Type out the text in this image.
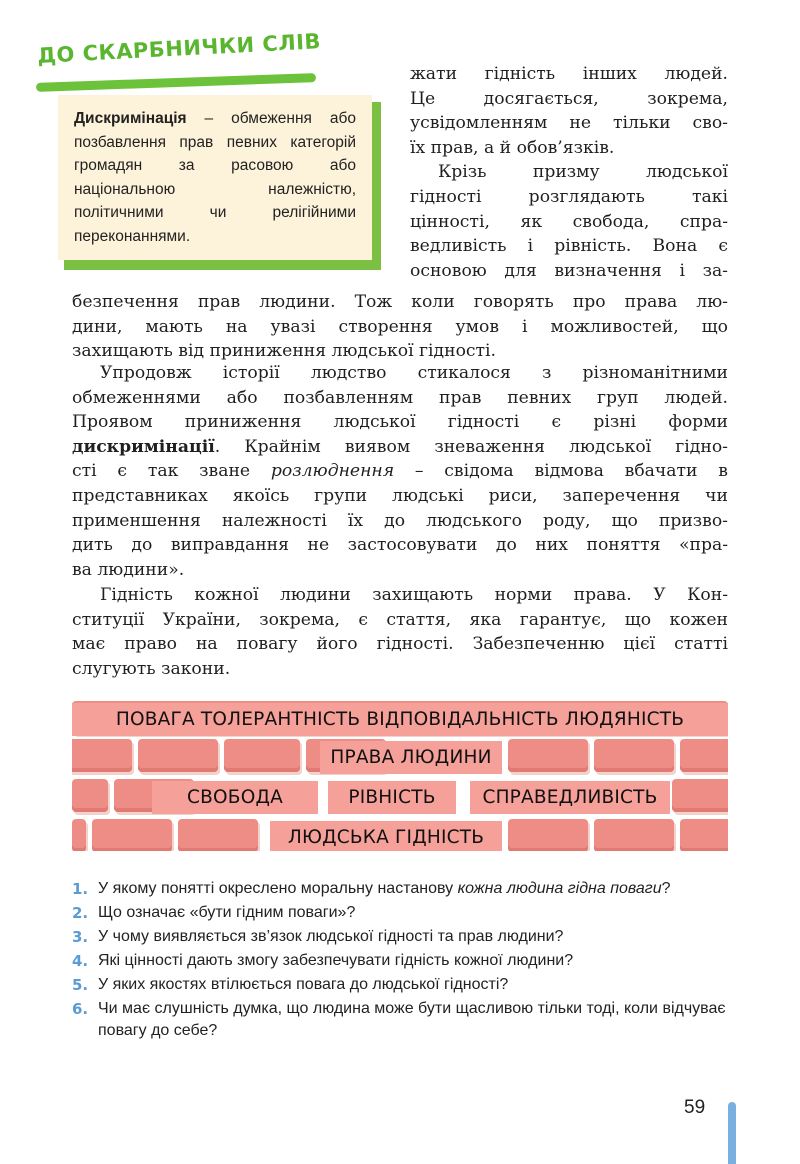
ДО СКАРБНИЧКИ СЛІВ
Дискримінація – обмеження або позбавлення прав певних категорій громадян за расовою або національною належністю, політичними чи релігійними переконаннями.
жати гідність інших людей.
Це досягається, зокрема,
усвідомленням не тільки сво-
їх прав, а й обов’язків.
Крізь призму людської
гідності розглядають такі
цінності, як свобода, спра-
ведливість і рівність. Вона є
основою для визначення і за-
безпечення прав людини. Тож коли говорять про права лю-
дини, мають на увазі створення умов і можливостей, що
захищають від приниження людської гідності.
Упродовж історії людство стикалося з різноманітними
обмеженнями або позбавленням прав певних груп людей.
Проявом приниження людської гідності є різні форми
дискримінації. Крайнім виявом зневаження людської гідно-
сті є так зване розлюднення – свідома відмова вбачати в
представниках якоїсь групи людські риси, заперечення чи
применшення належності їх до людського роду, що призво-
дить до виправдання не застосовувати до них поняття «пра-
ва людини».
Гідність кожної людини захищають норми права. У Кон-
ституції України, зокрема, є стаття, яка гарантує, що кожен
має право на повагу його гідності. Забезпеченню цієї статті
слугують закони.
ПОВАГА ТОЛЕРАНТНІСТЬ ВІДПОВІДАЛЬНІСТЬ ЛЮДЯНІСТЬ
ПРАВА ЛЮДИНИ
СВОБОДА	РІВНІСТЬ	СПРАВЕДЛИВІСТЬ
ЛЮДСЬКА ГІДНІСТЬ
1. У якому понятті окреслено моральну настанову кожна людина гідна поваги?
2. Що означає «бути гідним поваги»?
3. У чому виявляється зв’язок людської гідності та прав людини?
4. Які цінності дають змогу забезпечувати гідність кожної людини?
5. У яких якостях втілюється повага до людської гідності?
6. Чи має слушність думка, що людина може бути щасливою тільки тоді, коли відчуває повагу до себе?
59
